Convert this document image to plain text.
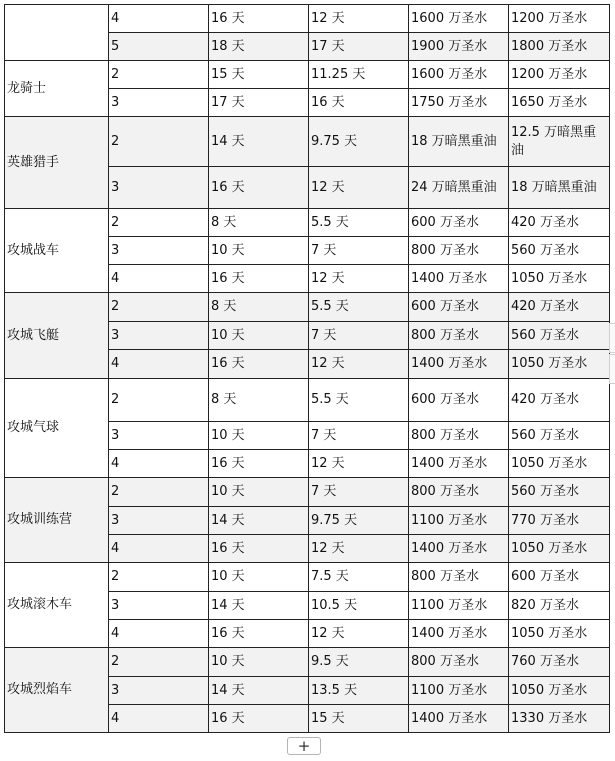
	4	16 天	12 天	1600 万圣水	1200 万圣水
	5	18 天	17 天	1900 万圣水	1800 万圣水
龙骑士	2	15 天	11.25 天	1600 万圣水	1200 万圣水
	3	17 天	16 天	1750 万圣水	1650 万圣水
英雄猎手	2	14 天	9.75 天	18 万暗黑重油	12.5 万暗黑重油
	3	16 天	12 天	24 万暗黑重油	18 万暗黑重油
攻城战车	2	8 天	5.5 天	600 万圣水	420 万圣水
	3	10 天	7 天	800 万圣水	560 万圣水
	4	16 天	12 天	1400 万圣水	1050 万圣水
攻城飞艇	2	8 天	5.5 天	600 万圣水	420 万圣水
	3	10 天	7 天	800 万圣水	560 万圣水
	4	16 天	12 天	1400 万圣水	1050 万圣水
攻城气球	2	8 天	5.5 天	600 万圣水	420 万圣水
	3	10 天	7 天	800 万圣水	560 万圣水
	4	16 天	12 天	1400 万圣水	1050 万圣水
攻城训练营	2	10 天	7 天	800 万圣水	560 万圣水
	3	14 天	9.75 天	1100 万圣水	770 万圣水
	4	16 天	12 天	1400 万圣水	1050 万圣水
攻城滚木车	2	10 天	7.5 天	800 万圣水	600 万圣水
	3	14 天	10.5 天	1100 万圣水	820 万圣水
	4	16 天	12 天	1400 万圣水	1050 万圣水
攻城烈焰车	2	10 天	9.5 天	800 万圣水	760 万圣水
	3	14 天	13.5 天	1100 万圣水	1050 万圣水
	4	16 天	15 天	1400 万圣水	1330 万圣水
+
